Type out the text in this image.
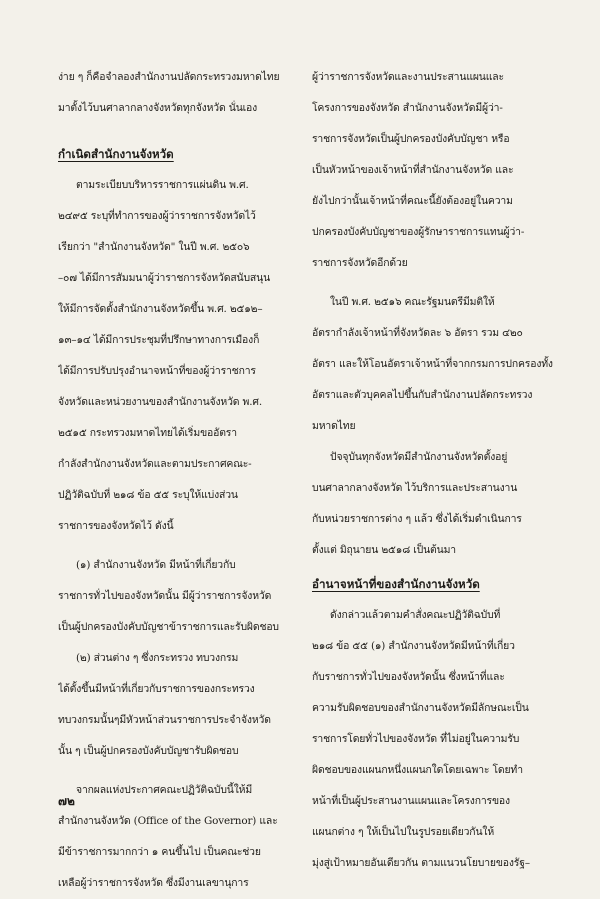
ง่าย ๆ ก็คือจำลองสำนักงานปลัดกระทรวงมหาดไทย
มาตั้งไว้บนศาลากลางจังหวัดทุกจังหวัด นั่นเอง
กำเนิดสำนักงานจังหวัด
ตามระเบียบบริหารราชการแผ่นดิน พ.ศ.
๒๔๙๕ ระบุที่ทำการของผู้ว่าราชการจังหวัดไว้
เรียกว่า "สำนักงานจังหวัด" ในปี พ.ศ. ๒๕๐๖
–๐๗ ได้มีการสัมมนาผู้ว่าราชการจังหวัดสนับสนุน
ให้มีการจัดตั้งสำนักงานจังหวัดขึ้น พ.ศ. ๒๕๑๒–
๑๓–๑๔ ได้มีการประชุมที่ปรึกษาทางการเมืองก็
ได้มีการปรับปรุงอำนาจหน้าที่ของผู้ว่าราชการ
จังหวัดและหน่วยงานของสำนักงานจังหวัด พ.ศ.
๒๕๑๕ กระทรวงมหาดไทยได้เริ่มขออัตรา
กำลังสำนักงานจังหวัดและตามประกาศคณะ-
ปฏิวัติฉบับที่ ๒๑๘ ข้อ ๕๕ ระบุให้แบ่งส่วน
ราชการของจังหวัดไว้ ดังนี้
(๑) สำนักงานจังหวัด มีหน้าที่เกี่ยวกับ
ราชการทั่วไปของจังหวัดนั้น มีผู้ว่าราชการจังหวัด
เป็นผู้ปกครองบังคับบัญชาข้าราชการและรับผิดชอบ
(๒) ส่วนต่าง ๆ ซึ่งกระทรวง ทบวงกรม
ได้ตั้งขึ้นมีหน้าที่เกี่ยวกับราชการของกระทรวง
ทบวงกรมนั้นๆมีหัวหน้าส่วนราชการประจำจังหวัด
นั้น ๆ เป็นผู้ปกครองบังคับบัญชารับผิดชอบ
จากผลแห่งประกาศคณะปฏิวัติฉบับนี้ให้มี
สำนักงานจังหวัด (Office of the Governor) และ
มีข้าราชการมากกว่า ๑ คนขึ้นไป เป็นคณะช่วย
เหลือผู้ว่าราชการจังหวัด ซึ่งมีงานเลขานุการ
ผู้ว่าราชการจังหวัดและงานประสานแผนและ
โครงการของจังหวัด สำนักงานจังหวัดมีผู้ว่า-
ราชการจังหวัดเป็นผู้ปกครองบังคับบัญชา หรือ
เป็นหัวหน้าของเจ้าหน้าที่สำนักงานจังหวัด และ
ยังไปกว่านั้นเจ้าหน้าที่คณะนี้ยังต้องอยู่ในความ
ปกครองบังคับบัญชาของผู้รักษาราชการแทนผู้ว่า-
ราชการจังหวัดอีกด้วย
ในปี พ.ศ. ๒๕๑๖ คณะรัฐมนตรีมีมติให้
อัตรากำลังเจ้าหน้าที่จังหวัดละ ๖ อัตรา รวม ๔๒๐
อัตรา และให้โอนอัตราเจ้าหน้าที่จากกรมการปกครองทั้ง
อัตราและตัวบุคคลไปขึ้นกับสำนักงานปลัดกระทรวง
มหาดไทย
ปัจจุบันทุกจังหวัดมีสำนักงานจังหวัดตั้งอยู่
บนศาลากลางจังหวัด ไว้บริการและประสานงาน
กับหน่วยราชการต่าง ๆ แล้ว ซึ่งได้เริ่มดำเนินการ
ตั้งแต่ มิถุนายน ๒๕๑๘ เป็นต้นมา
อำนาจหน้าที่ของสำนักงานจังหวัด
ดังกล่าวแล้วตามคำสั่งคณะปฏิวัติฉบับที่
๒๑๘ ข้อ ๕๕ (๑) สำนักงานจังหวัดมีหน้าที่เกี่ยว
กับราชการทั่วไปของจังหวัดนั้น ซึ่งหน้าที่และ
ความรับผิดชอบของสำนักงานจังหวัดมีลักษณะเป็น
ราชการโดยทั่วไปของจังหวัด ที่ไม่อยู่ในความรับ
ผิดชอบของแผนกหนึ่งแผนกใดโดยเฉพาะ โดยทำ
หน้าที่เป็นผู้ประสานงานแผนและโครงการของ
แผนกต่าง ๆ ให้เป็นไปในรูปรอยเดียวกันให้
มุ่งสู่เป้าหมายอันเดียวกัน ตามแนวนโยบายของรัฐ–
๗๒
